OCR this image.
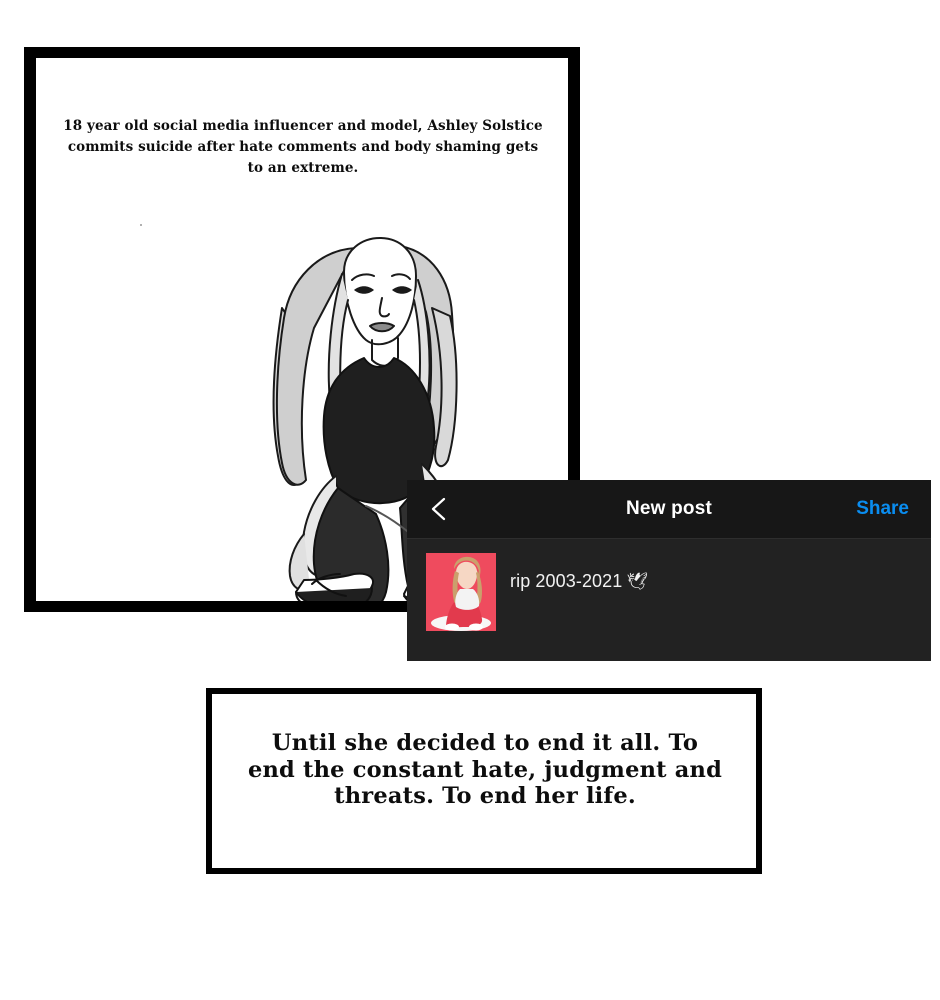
18 year old social media influencer and model, Ashley Solstice commits suicide after hate comments and body shaming gets to an extreme.
New post	Share
rip 2003-2021 🕊
Until she decided to end it all. To end the constant hate, judgment and threats. To end her life.
